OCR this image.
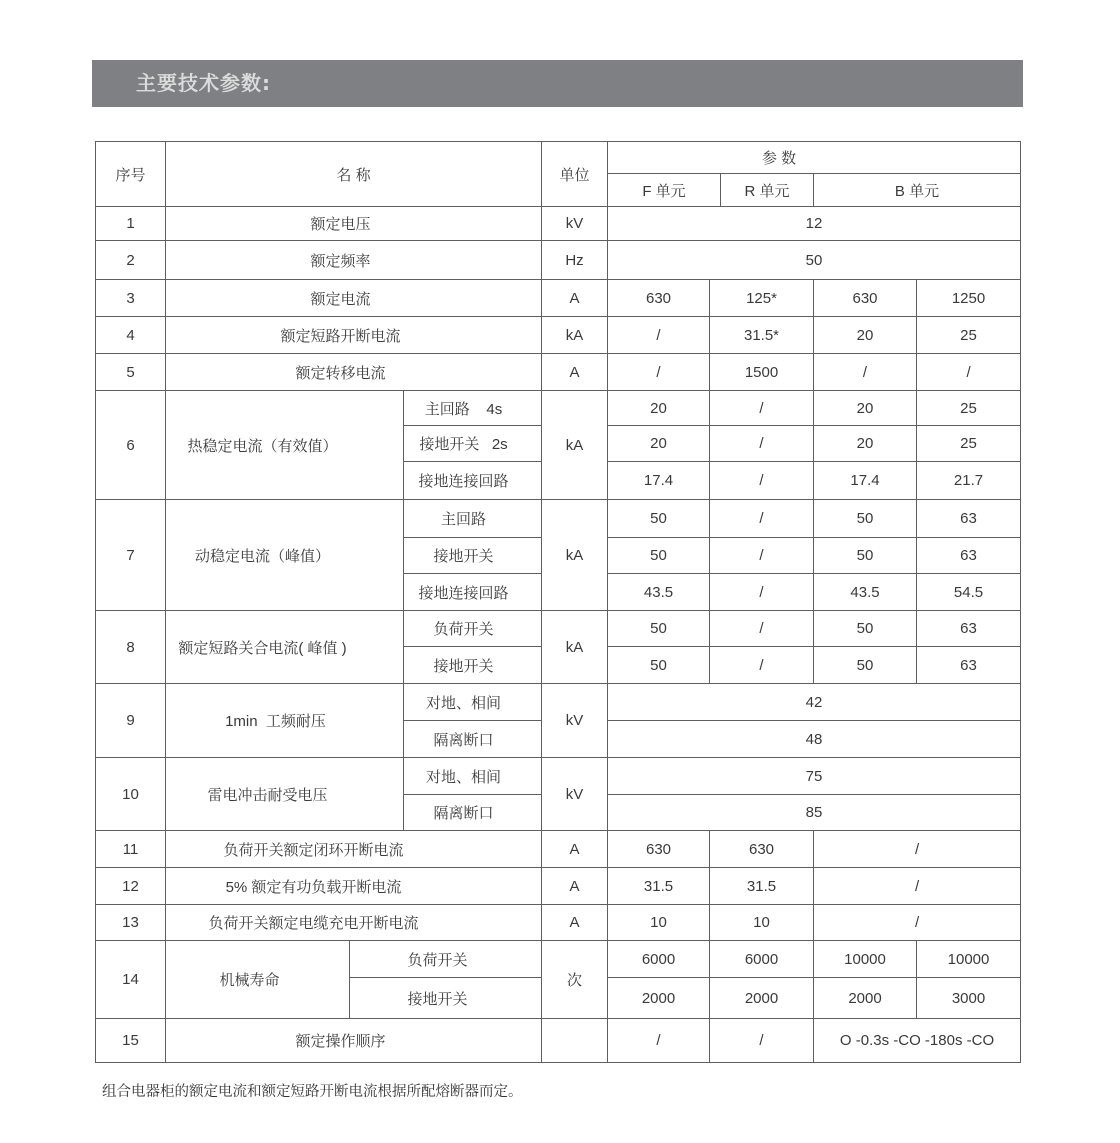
主要技术参数:
序号	名 称			单位	参 数				
					F 单元		R 单元	B 单元	
1	额定电压			kV	12				
2	额定频率			Hz	50				
3	额定电流			A	630	125*		630	1250
4	额定短路开断电流			kA	/	31.5*		20	25
5	额定转移电流			A	/	1500		/	/
6	热稳定电流（有效值）		主回路    4s	kA	20	/		20	25
			接地开关   2s		20	/		20	25
			接地连接回路		17.4	/		17.4	21.7
7	动稳定电流（峰值）		主回路	kA	50	/		50	63
			接地开关		50	/		50	63
			接地连接回路		43.5	/		43.5	54.5
8	额定短路关合电流( 峰值 )		负荷开关	kA	50	/		50	63
			接地开关		50	/		50	63
9	1min  工频耐压		对地、相间	kV	42				
			隔离断口		48				
10	雷电冲击耐受电压		对地、相间	kV	75				
			隔离断口		85				
11	负荷开关额定闭环开断电流			A	630	630		/	
12	5% 额定有功负载开断电流			A	31.5	31.5		/	
13	负荷开关额定电缆充电开断电流			A	10	10		/	
14	机械寿命	负荷开关		次	6000	6000		10000	10000
		接地开关			2000	2000		2000	3000
15	额定操作顺序				/	/		O -0.3s -CO -180s -CO	
组合电器柜的额定电流和额定短路开断电流根据所配熔断器而定。
